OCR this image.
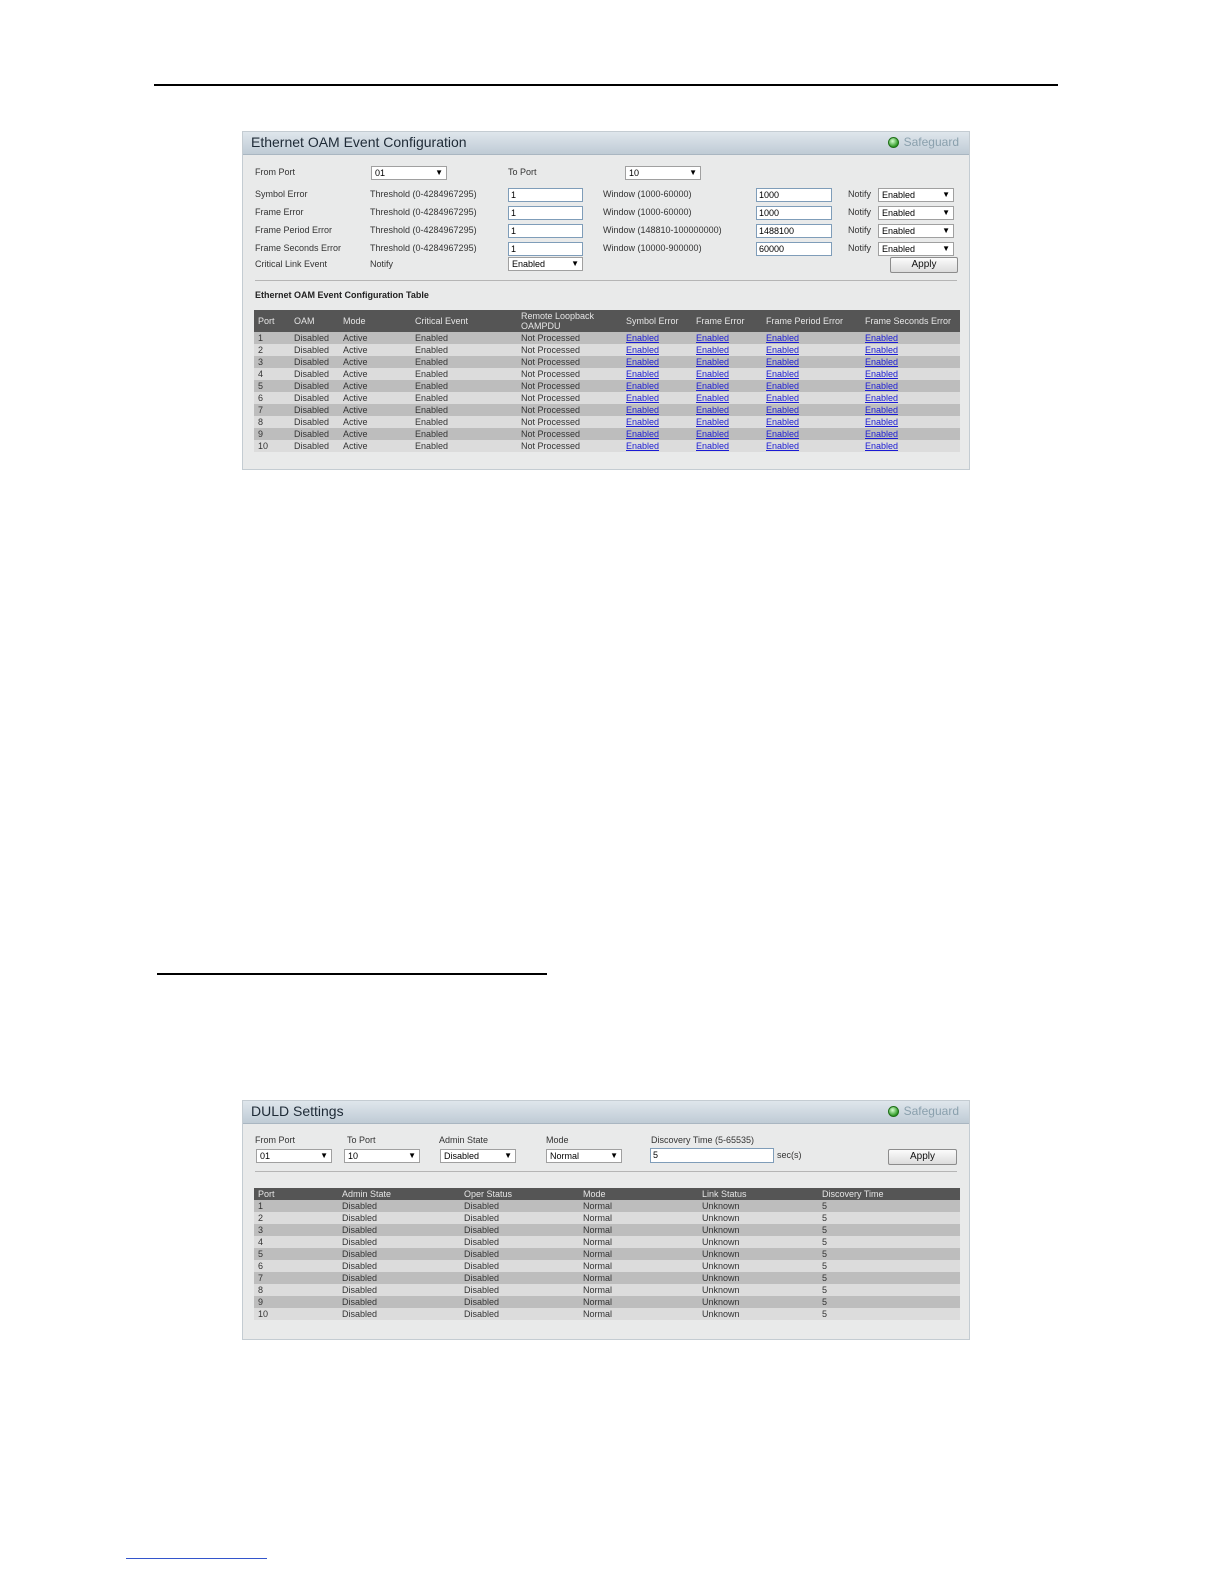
Ethernet OAM Event Configuration	Safeguard
From Port	01	▼	To Port	10	▼
Symbol Error	Threshold (0-4284967295)	1	Window (1000-60000)	1000	Notify	Enabled	▼
Frame Error	Threshold (0-4284967295)	1	Window (1000-60000)	1000	Notify	Enabled	▼
Frame Period Error	Threshold (0-4284967295)	1	Window (148810-100000000)	1488100	Notify	Enabled	▼
Frame Seconds Error	Threshold (0-4284967295)	1	Window (10000-900000)	60000	Notify	Enabled	▼
Critical Link Event	Notify	Enabled	▼	Apply
Ethernet OAM Event Configuration Table
Port	OAM	Mode	Critical Event	Remote Loopback OAMPDU	Symbol Error	Frame Error	Frame Period Error	Frame Seconds Error
1	Disabled	Active	Enabled	Not Processed	Enabled	Enabled	Enabled	Enabled
2	Disabled	Active	Enabled	Not Processed	Enabled	Enabled	Enabled	Enabled
3	Disabled	Active	Enabled	Not Processed	Enabled	Enabled	Enabled	Enabled
4	Disabled	Active	Enabled	Not Processed	Enabled	Enabled	Enabled	Enabled
5	Disabled	Active	Enabled	Not Processed	Enabled	Enabled	Enabled	Enabled
6	Disabled	Active	Enabled	Not Processed	Enabled	Enabled	Enabled	Enabled
7	Disabled	Active	Enabled	Not Processed	Enabled	Enabled	Enabled	Enabled
8	Disabled	Active	Enabled	Not Processed	Enabled	Enabled	Enabled	Enabled
9	Disabled	Active	Enabled	Not Processed	Enabled	Enabled	Enabled	Enabled
10	Disabled	Active	Enabled	Not Processed	Enabled	Enabled	Enabled	Enabled
DULD Settings	Safeguard
From Port	To Port	Admin State	Mode	Discovery Time (5-65535)
01	▼	10	▼	Disabled	▼	Normal	▼	5	sec(s)	Apply
Port	Admin State	Oper Status	Mode	Link Status	Discovery Time
1	Disabled	Disabled	Normal	Unknown	5
2	Disabled	Disabled	Normal	Unknown	5
3	Disabled	Disabled	Normal	Unknown	5
4	Disabled	Disabled	Normal	Unknown	5
5	Disabled	Disabled	Normal	Unknown	5
6	Disabled	Disabled	Normal	Unknown	5
7	Disabled	Disabled	Normal	Unknown	5
8	Disabled	Disabled	Normal	Unknown	5
9	Disabled	Disabled	Normal	Unknown	5
10	Disabled	Disabled	Normal	Unknown	5
